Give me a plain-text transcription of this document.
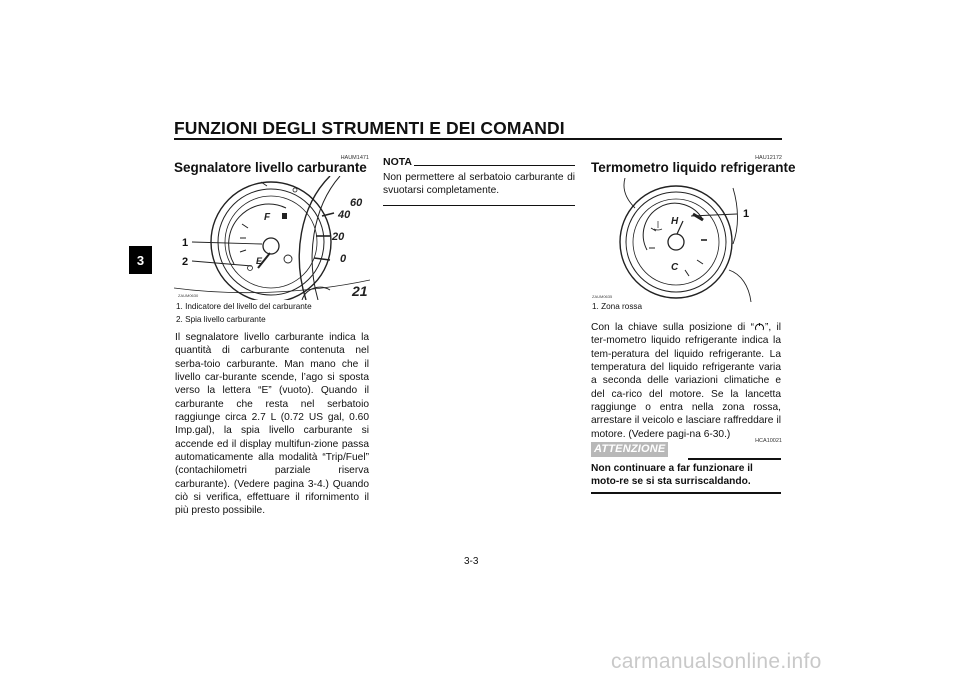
FUNZIONI DEGLI STRUMENTI E DEI COMANDI
3
HAUM1471
Segnalatore livello carburante
F
E
60
40
20
0
21
1
2
ZAUM0630

1. Indicatore del livello del carburante

2. Spia livello carburante

Il segnalatore livello carburante indica la quantità di carburante contenuta nel serba-toio carburante. Man mano che il livello car-burante scende, l’ago si sposta verso la lettera “E” (vuoto). Quando il carburante che resta nel serbatoio raggiunge circa 2.7 L (0.72 US gal, 0.60 Imp.gal), la spia livello carburante si accende ed il display multifun-zione passa automaticamente alla modalità “Trip/Fuel” (contachilometri parziale riserva carburante). (Vedere pagina 3-4.) Quando ciò si verifica, effettuare il rifornimento il più presto possibile.

NOTA

Non permettere al serbatoio carburante di svuotarsi completamente.

HAU12172
Termometro liquido refrigerante
H
C
1
ZAUM0635

1. Zona rossa

Con la chiave sulla posizione di “ ”, il ter-mometro liquido refrigerante indica la tem-peratura del liquido refrigerante. La temperatura del liquido refrigerante varia a seconda delle variazioni climatiche e del ca-rico del motore. Se la lancetta raggiunge o entra nella zona rossa, arrestare il veicolo e lasciare raffreddare il motore. (Vedere pagi-na 6-30.)

HCA10021
ATTENZIONE

Non continuare a far funzionare il moto-re se si sta surriscaldando.

3-3
carmanualsonline.info
